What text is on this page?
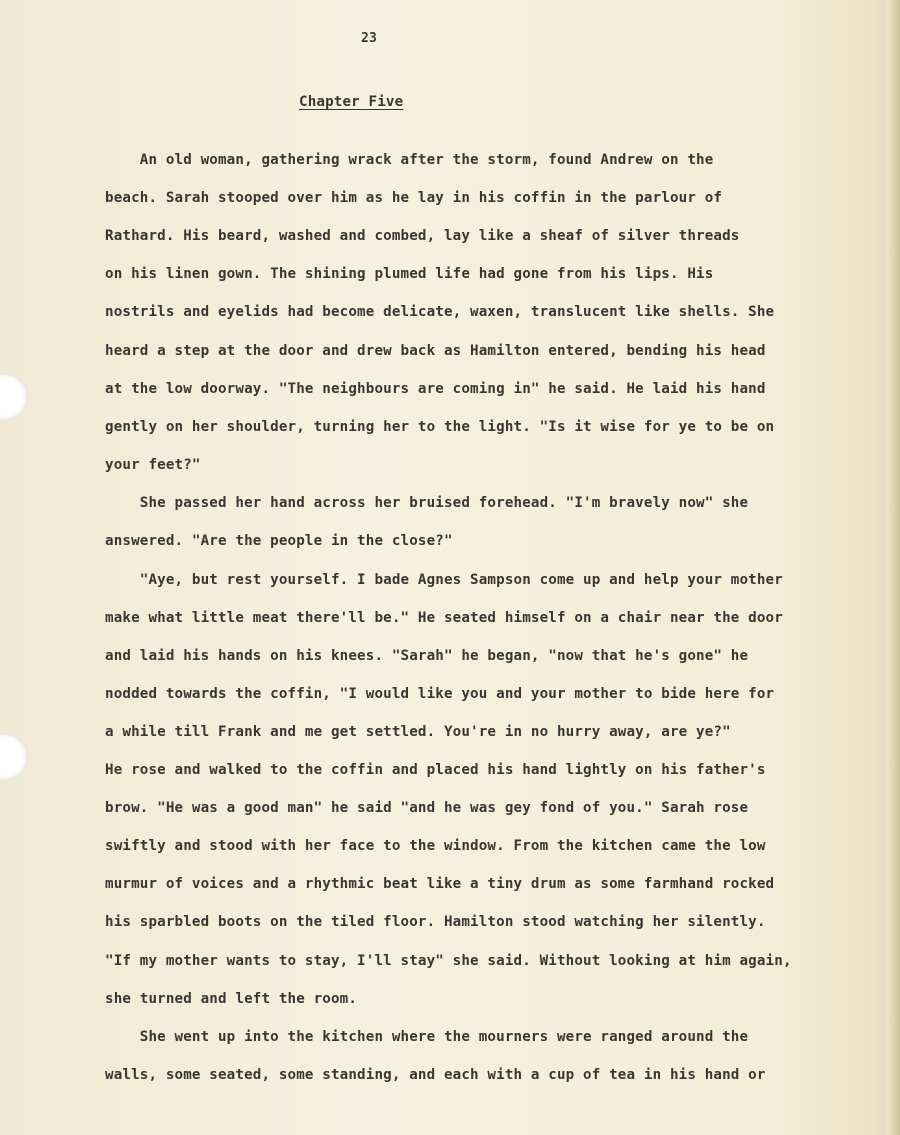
23
Chapter Five
An old woman, gathering wrack after the storm, found Andrew on the
beach. Sarah stooped over him as he lay in his coffin in the parlour of
Rathard. His beard, washed and combed, lay like a sheaf of silver threads
on his linen gown. The shining plumed life had gone from his lips. His
nostrils and eyelids had become delicate, waxen, translucent like shells. She
heard a step at the door and drew back as Hamilton entered, bending his head
at the low doorway. "The neighbours are coming in" he said. He laid his hand
gently on her shoulder, turning her to the light. "Is it wise for ye to be on
your feet?"
She passed her hand across her bruised forehead. "I'm bravely now" she
answered. "Are the people in the close?"
"Aye, but rest yourself. I bade Agnes Sampson come up and help your mother
make what little meat there'll be." He seated himself on a chair near the door
and laid his hands on his knees. "Sarah" he began, "now that he's gone" he
nodded towards the coffin, "I would like you and your mother to bide here for
a while till Frank and me get settled. You're in no hurry away, are ye?"
He rose and walked to the coffin and placed his hand lightly on his father's
brow. "He was a good man" he said "and he was gey fond of you." Sarah rose
swiftly and stood with her face to the window. From the kitchen came the low
murmur of voices and a rhythmic beat like a tiny drum as some farmhand rocked
his sparbled boots on the tiled floor. Hamilton stood watching her silently.
"If my mother wants to stay, I'll stay" she said. Without looking at him again,
she turned and left the room.
She went up into the kitchen where the mourners were ranged around the
walls, some seated, some standing, and each with a cup of tea in his hand or
